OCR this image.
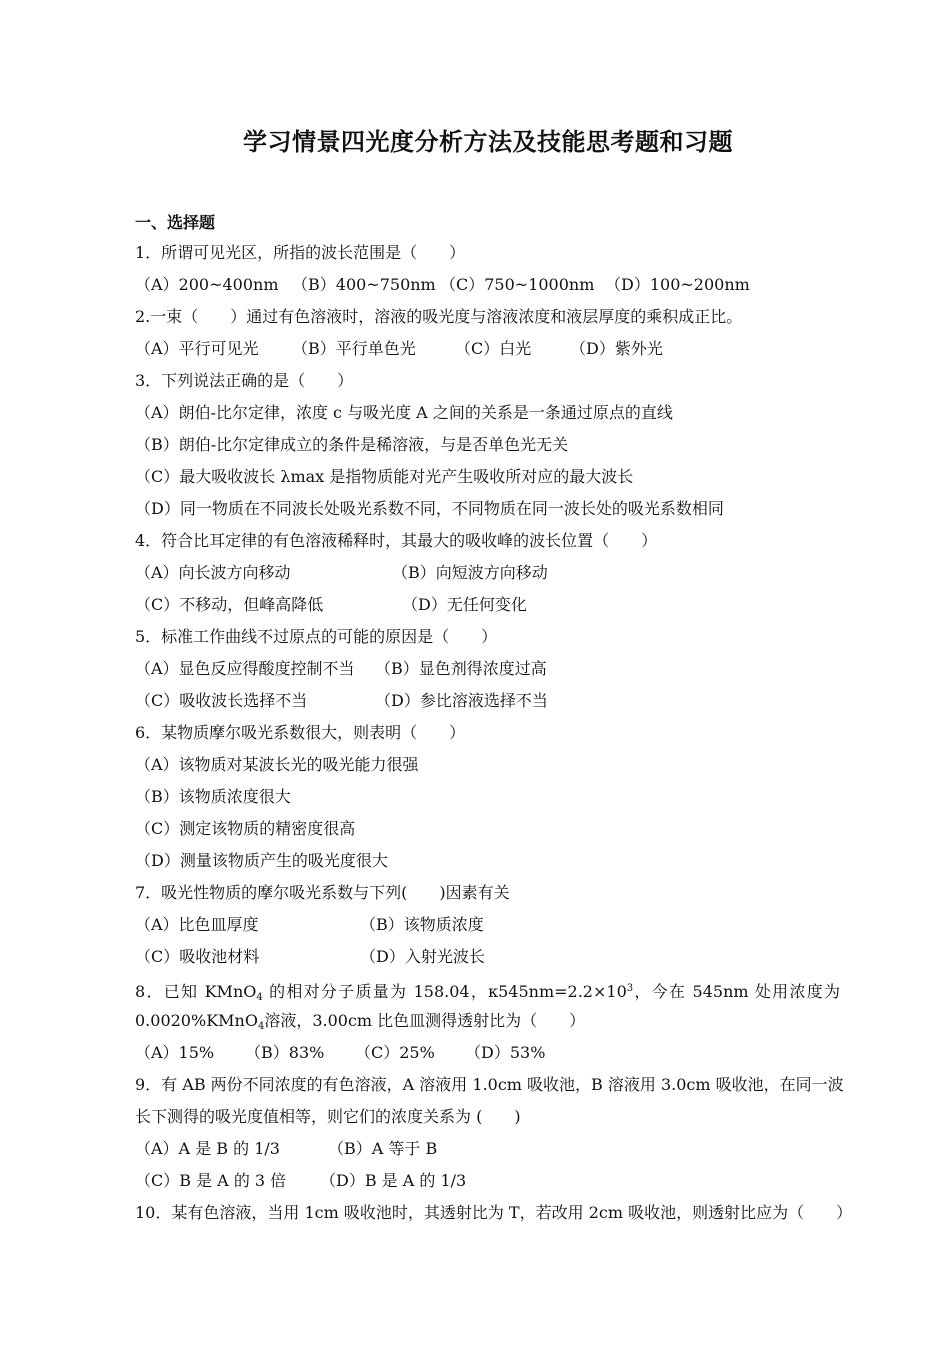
学习情景四光度分析方法及技能思考题和习题
一、选择题
1．所谓可见光区，所指的波长范围是（　　）
（A）200~400nm （B）400~750nm （C）750~1000nm （D）100~200nm
2.一束（　　）通过有色溶液时，溶液的吸光度与溶液浓度和液层厚度的乘积成正比。
（A）平行可见光 （B）平行单色光 （C）白光 （D）紫外光
3．下列说法正确的是（　　）
（A）朗伯-比尔定律，浓度 c 与吸光度 A 之间的关系是一条通过原点的直线
（B）朗伯-比尔定律成立的条件是稀溶液，与是否单色光无关
（C）最大吸收波长 λmax 是指物质能对光产生吸收所对应的最大波长
（D）同一物质在不同波长处吸光系数不同，不同物质在同一波长处的吸光系数相同
4．符合比耳定律的有色溶液稀释时，其最大的吸收峰的波长位置（　　）
（A）向长波方向移动	（B）向短波方向移动
（C）不移动，但峰高降低	（D）无任何变化
5．标准工作曲线不过原点的可能的原因是（　　）
（A）显色反应得酸度控制不当 （B）显色剂得浓度过高
（C）吸收波长选择不当	（D）参比溶液选择不当
6．某物质摩尔吸光系数很大，则表明（　　）
（A）该物质对某波长光的吸光能力很强
（B）该物质浓度很大
（C）测定该物质的精密度很高
（D）测量该物质产生的吸光度很大
7．吸光性物质的摩尔吸光系数与下列(　　)因素有关
（A）比色皿厚度	（B）该物质浓度
（C）吸收池材料	（D）入射光波长
8．已知 KMnO$_4$ 的相对分子质量为 158.04，$\kappa 545nm=2.2\times 10^3$，今在 545nm 处用浓度为
0.0020%KMnO$_4$溶液，3.00cm 比色皿测得透射比为（　　）
（A）15% （B）83% （C）25% （D）53%
9．有 AB 两份不同浓度的有色溶液，A 溶液用 1.0cm 吸收池，B 溶液用 3.0cm 吸收池，在同一波
长下测得的吸光度值相等，则它们的浓度关系为 (　　)
（A）A 是 B 的 1/3	（B）A 等于 B
（C）B 是 A 的 3 倍 （D）B 是 A 的 1/3
10．某有色溶液，当用 1cm 吸收池时，其透射比为 T，若改用 2cm 吸收池，则透射比应为（　　）
